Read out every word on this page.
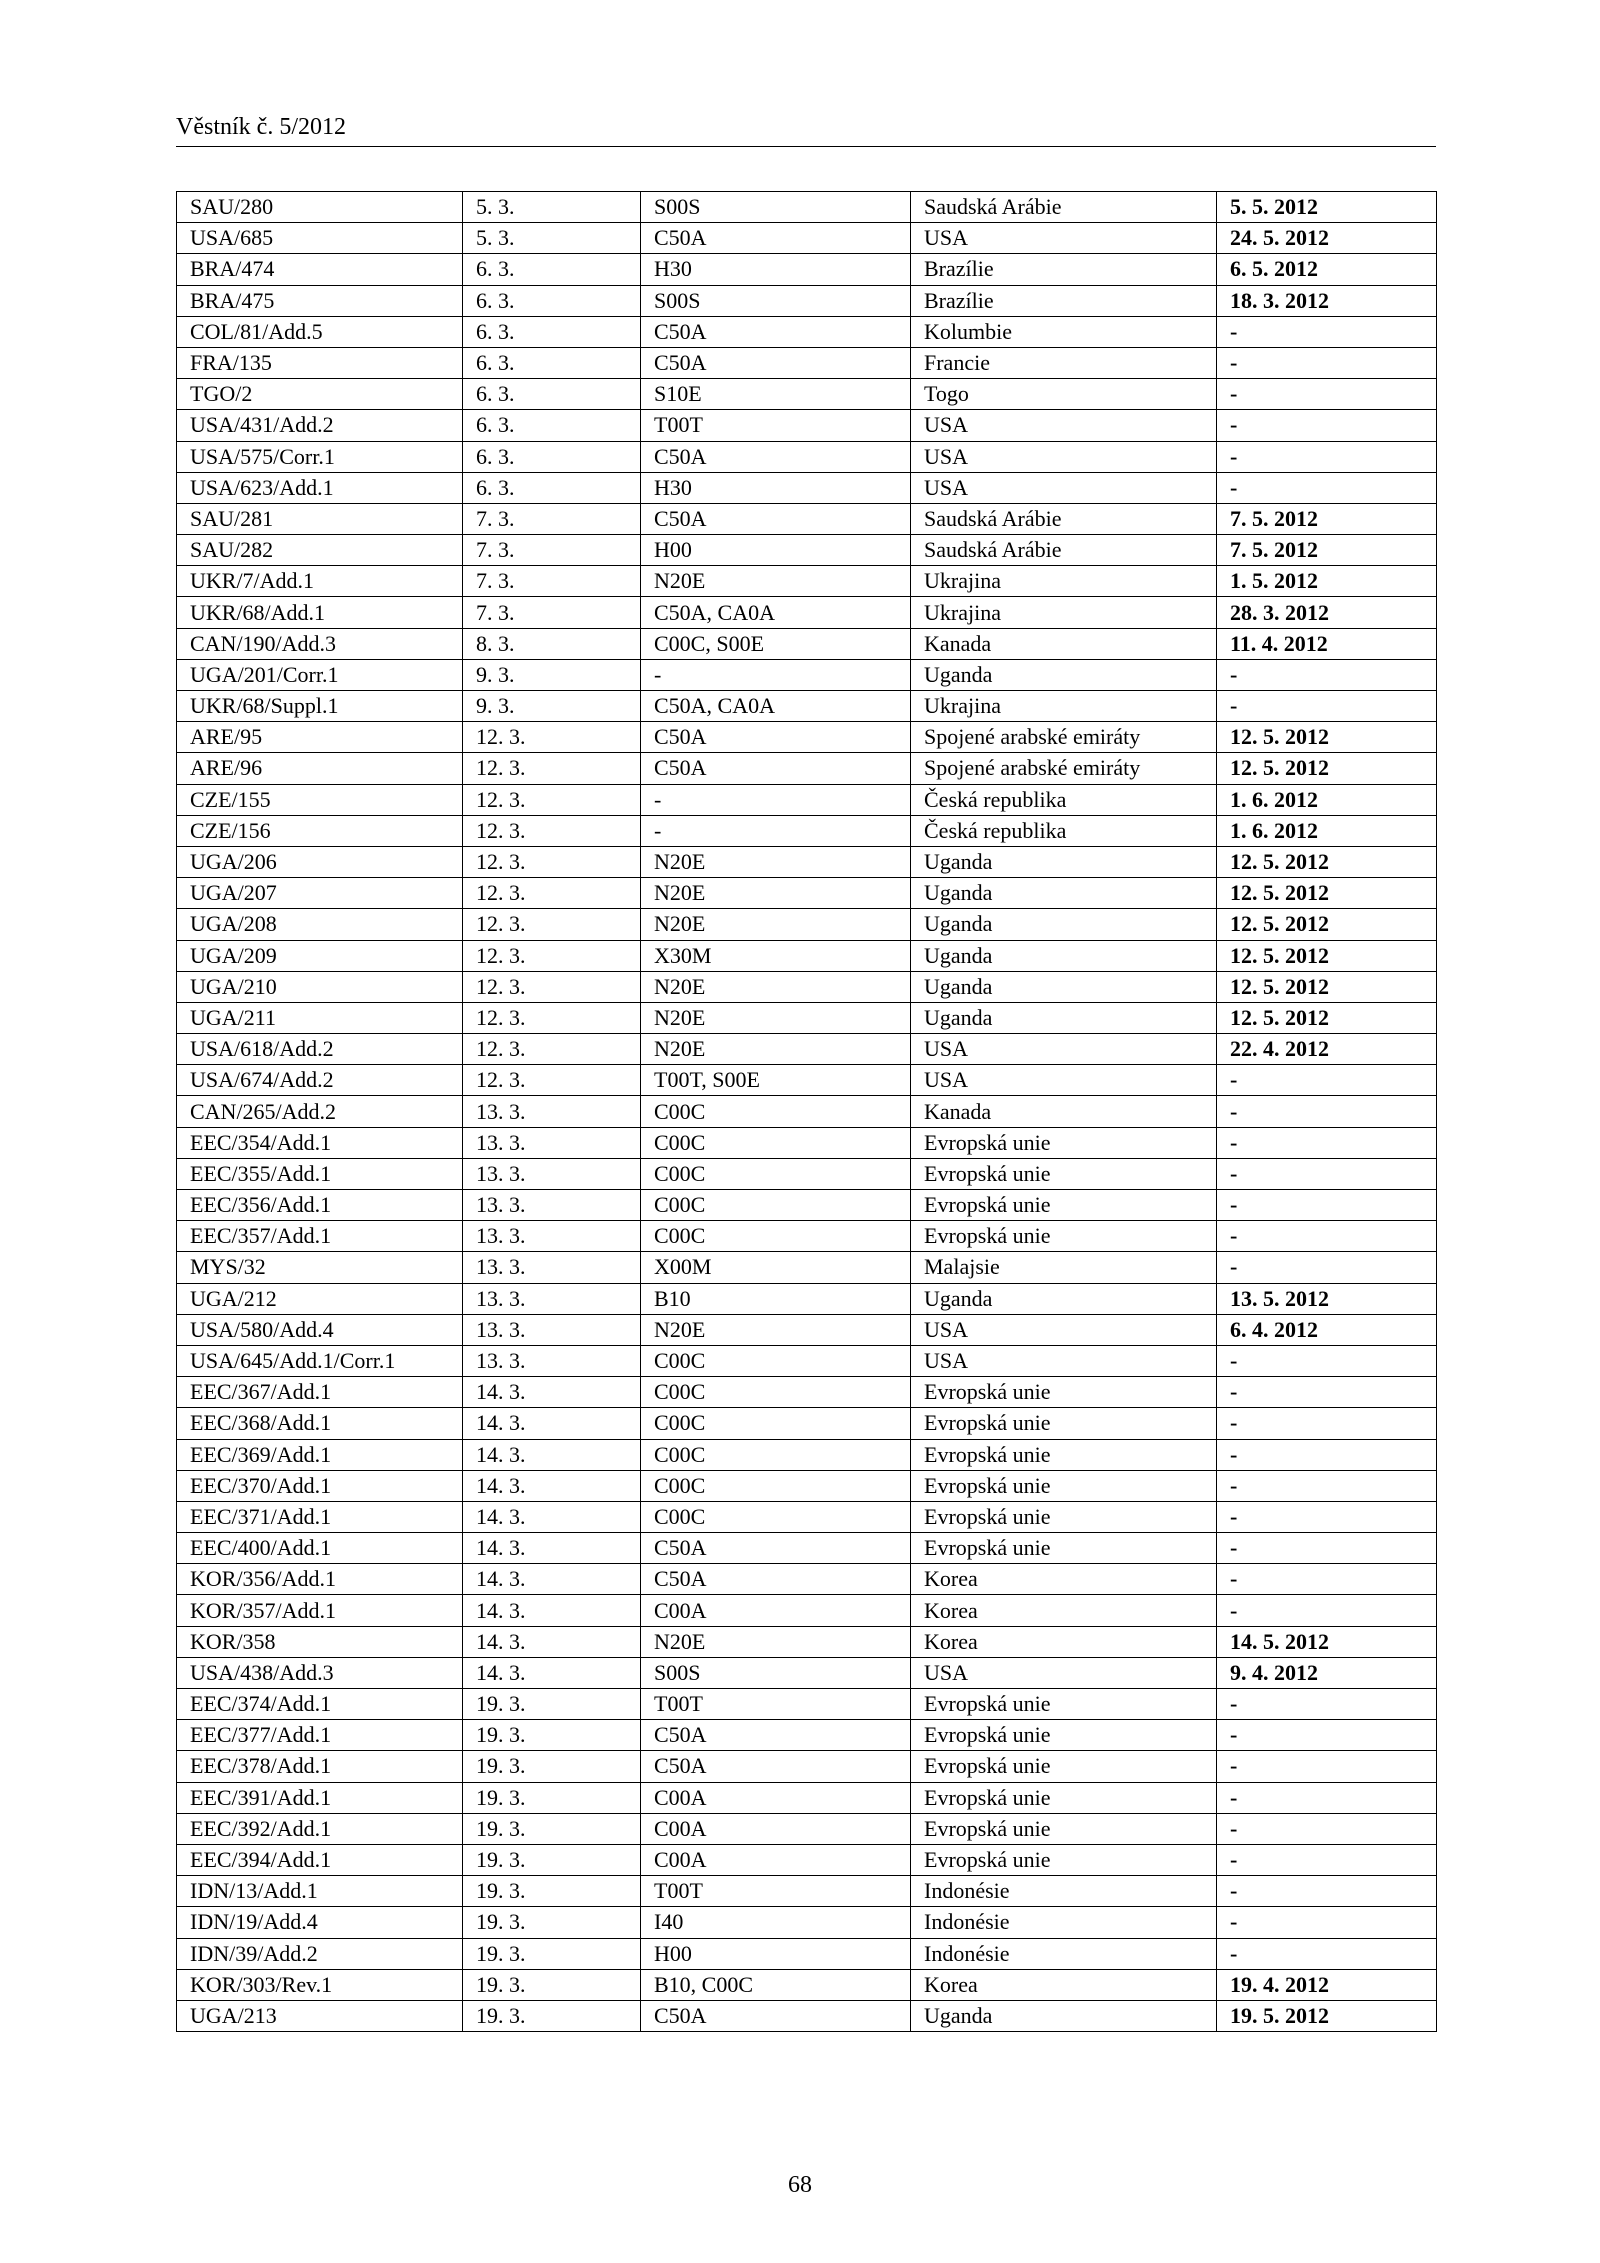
Věstník č. 5/2012
SAU/280	5. 3.	S00S	Saudská Arábie	5. 5. 2012
USA/685	5. 3.	C50A	USA	24. 5. 2012
BRA/474	6. 3.	H30	Brazílie	6. 5. 2012
BRA/475	6. 3.	S00S	Brazílie	18. 3. 2012
COL/81/Add.5	6. 3.	C50A	Kolumbie	-
FRA/135	6. 3.	C50A	Francie	-
TGO/2	6. 3.	S10E	Togo	-
USA/431/Add.2	6. 3.	T00T	USA	-
USA/575/Corr.1	6. 3.	C50A	USA	-
USA/623/Add.1	6. 3.	H30	USA	-
SAU/281	7. 3.	C50A	Saudská Arábie	7. 5. 2012
SAU/282	7. 3.	H00	Saudská Arábie	7. 5. 2012
UKR/7/Add.1	7. 3.	N20E	Ukrajina	1. 5. 2012
UKR/68/Add.1	7. 3.	C50A, CA0A	Ukrajina	28. 3. 2012
CAN/190/Add.3	8. 3.	C00C, S00E	Kanada	11. 4. 2012
UGA/201/Corr.1	9. 3.	-	Uganda	-
UKR/68/Suppl.1	9. 3.	C50A, CA0A	Ukrajina	-
ARE/95	12. 3.	C50A	Spojené arabské emiráty	12. 5. 2012
ARE/96	12. 3.	C50A	Spojené arabské emiráty	12. 5. 2012
CZE/155	12. 3.	-	Česká republika	1. 6. 2012
CZE/156	12. 3.	-	Česká republika	1. 6. 2012
UGA/206	12. 3.	N20E	Uganda	12. 5. 2012
UGA/207	12. 3.	N20E	Uganda	12. 5. 2012
UGA/208	12. 3.	N20E	Uganda	12. 5. 2012
UGA/209	12. 3.	X30M	Uganda	12. 5. 2012
UGA/210	12. 3.	N20E	Uganda	12. 5. 2012
UGA/211	12. 3.	N20E	Uganda	12. 5. 2012
USA/618/Add.2	12. 3.	N20E	USA	22. 4. 2012
USA/674/Add.2	12. 3.	T00T, S00E	USA	-
CAN/265/Add.2	13. 3.	C00C	Kanada	-
EEC/354/Add.1	13. 3.	C00C	Evropská unie	-
EEC/355/Add.1	13. 3.	C00C	Evropská unie	-
EEC/356/Add.1	13. 3.	C00C	Evropská unie	-
EEC/357/Add.1	13. 3.	C00C	Evropská unie	-
MYS/32	13. 3.	X00M	Malajsie	-
UGA/212	13. 3.	B10	Uganda	13. 5. 2012
USA/580/Add.4	13. 3.	N20E	USA	6. 4. 2012
USA/645/Add.1/Corr.1	13. 3.	C00C	USA	-
EEC/367/Add.1	14. 3.	C00C	Evropská unie	-
EEC/368/Add.1	14. 3.	C00C	Evropská unie	-
EEC/369/Add.1	14. 3.	C00C	Evropská unie	-
EEC/370/Add.1	14. 3.	C00C	Evropská unie	-
EEC/371/Add.1	14. 3.	C00C	Evropská unie	-
EEC/400/Add.1	14. 3.	C50A	Evropská unie	-
KOR/356/Add.1	14. 3.	C50A	Korea	-
KOR/357/Add.1	14. 3.	C00A	Korea	-
KOR/358	14. 3.	N20E	Korea	14. 5. 2012
USA/438/Add.3	14. 3.	S00S	USA	9. 4. 2012
EEC/374/Add.1	19. 3.	T00T	Evropská unie	-
EEC/377/Add.1	19. 3.	C50A	Evropská unie	-
EEC/378/Add.1	19. 3.	C50A	Evropská unie	-
EEC/391/Add.1	19. 3.	C00A	Evropská unie	-
EEC/392/Add.1	19. 3.	C00A	Evropská unie	-
EEC/394/Add.1	19. 3.	C00A	Evropská unie	-
IDN/13/Add.1	19. 3.	T00T	Indonésie	-
IDN/19/Add.4	19. 3.	I40	Indonésie	-
IDN/39/Add.2	19. 3.	H00	Indonésie	-
KOR/303/Rev.1	19. 3.	B10, C00C	Korea	19. 4. 2012
UGA/213	19. 3.	C50A	Uganda	19. 5. 2012
68
